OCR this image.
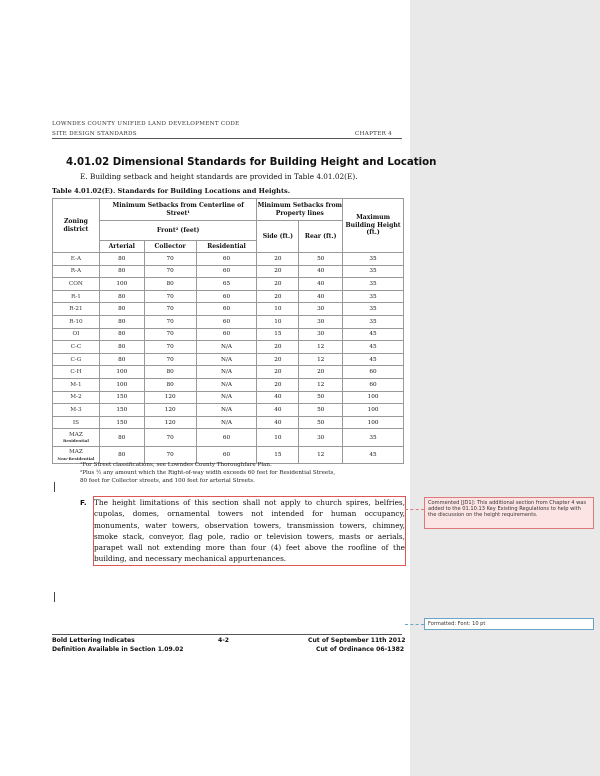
LOWNDES COUNTY UNIFIED LAND DEVELOPMENT CODE
SITE DESIGN STANDARDS	CHAPTER 4
4.01.02 Dimensional Standards for Building Height and Location
E. Building setback and height standards are provided in Table 4.01.02(E).
Table 4.01.02(E). Standards for Building Locations and Heights.
Zoning district	Minimum Setbacks from Centerline of Street¹			Minimum Setbacks from Property lines		Maximum Building Height (ft.)
	Front² (feet)			Side (ft.)	Rear (ft.)	
	Arterial	Collector	Residential			
E-A	80	70	60	20	50	35
R-A	80	70	60	20	40	35
CON	100	80	65	20	40	35
R-1	80	70	60	20	40	35
R-21	80	70	60	10	30	35
R-10	80	70	60	10	30	35
OI	80	70	60	15	30	45
C-C	80	70	N/A	20	12	45
C-G	80	70	N/A	20	12	45
C-H	100	80	N/A	20	20	60
M-1	100	80	N/A	20	12	60
M-2	150	120	N/A	40	50	100
M-3	150	120	N/A	40	50	100
IS	150	120	N/A	40	50	100

MAZ
Residential	80	70	60	10	30	35

MAZ
Non-Residential	80	70	60	15	12	45
¹For Street classifications, see Lowndes County Thoroughfare Plan.
²Plus ½ any amount which the Right-of-way width exceeds 60 feet for Residential Streets,
80 feet for Collector streets, and 100 feet for arterial Streets.
F. The height limitations of this section shall not apply to church spires, belfries, cupolas, domes, ornamental towers not intended for human occupancy, monuments, water towers, observation towers, transmission towers, chimney, smoke stack, conveyor, flag pole, radio or television towers, masts or aerials, parapet wall not extending more than four (4) feet above the roofline of the building, and necessary mechanical appurtenances.
Bold Lettering Indicates
Definition Available in Section 1.09.02
4-2	Cut of September 11th 2012
Cut of Ordinance 06-1382
Commented [JD1]: This additional section from Chapter 4 was added to the 01.10.13 Key Existing Regulations to help with the discussion on the height requirements.
Formatted: Font: 10 pt
